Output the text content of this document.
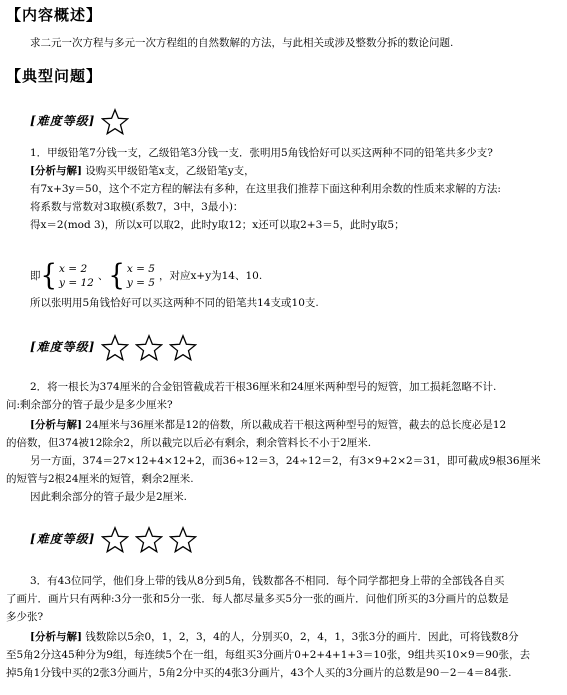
【内容概述】
求二元一次方程与多元一次方程组的自然数解的方法，与此相关或涉及整数分拆的数论问题.
【典型问题】
[难度等级]
1．甲级铅笔7分钱一支，乙级铅笔3分钱一支．张明用5角钱恰好可以买这两种不同的铅笔共多少支?
[分析与解] 设购买甲级铅笔x支，乙级铅笔y支，
有7x+3y＝50，这个不定方程的解法有多种，在这里我们推荐下面这种利用余数的性质来求解的方法:
将系数与常数对3取模(系数7，3中，3最小)：
得x＝2(mod 3)，所以x可以取2，此时y取12；x还可以取2+3＝5，此时y取5；
即 { x = 2
y = 12
、 { x = 5
y = 5
，对应x+y为14、10.
所以张明用5角钱恰好可以买这两种不同的铅笔共14支或10支.
[难度等级]
2．将一根长为374厘米的合金铝管截成若干根36厘米和24厘米两种型号的短管，加工损耗忽略不计.
问:剩余部分的管子最少是多少厘米?
[分析与解] 24厘米与36厘米都是12的倍数，所以截成若干根这两种型号的短管，截去的总长度必是12
的倍数，但374被12除余2，所以截完以后必有剩余，剩余管料长不小于2厘米.
另一方面，374＝27×12+4×12+2，而36÷12＝3，24÷12＝2，有3×9+2×2＝31，即可截成9根36厘米
的短管与2根24厘米的短管，剩余2厘米.
因此剩余部分的管子最少是2厘米.
[难度等级]
3．有43位同学，他们身上带的钱从8分到5角，钱数都各不相同．每个同学都把身上带的全部钱各自买
了画片．画片只有两种:3分一张和5分一张．每人都尽量多买5分一张的画片．问他们所买的3分画片的总数是
多少张?
[分析与解] 钱数除以5余0，1，2，3，4的人，分别买0，2，4，1，3张3分的画片．因此，可将钱数8分
至5角2分这45种分为9组，每连续5个在一组，每组买3分画片0+2+4+1+3＝10张，9组共买10×9＝90张，去
掉5角1分钱中买的2张3分画片，5角2分中买的4张3分画片，43个人买的3分画片的总数是90－2－4＝84张.
